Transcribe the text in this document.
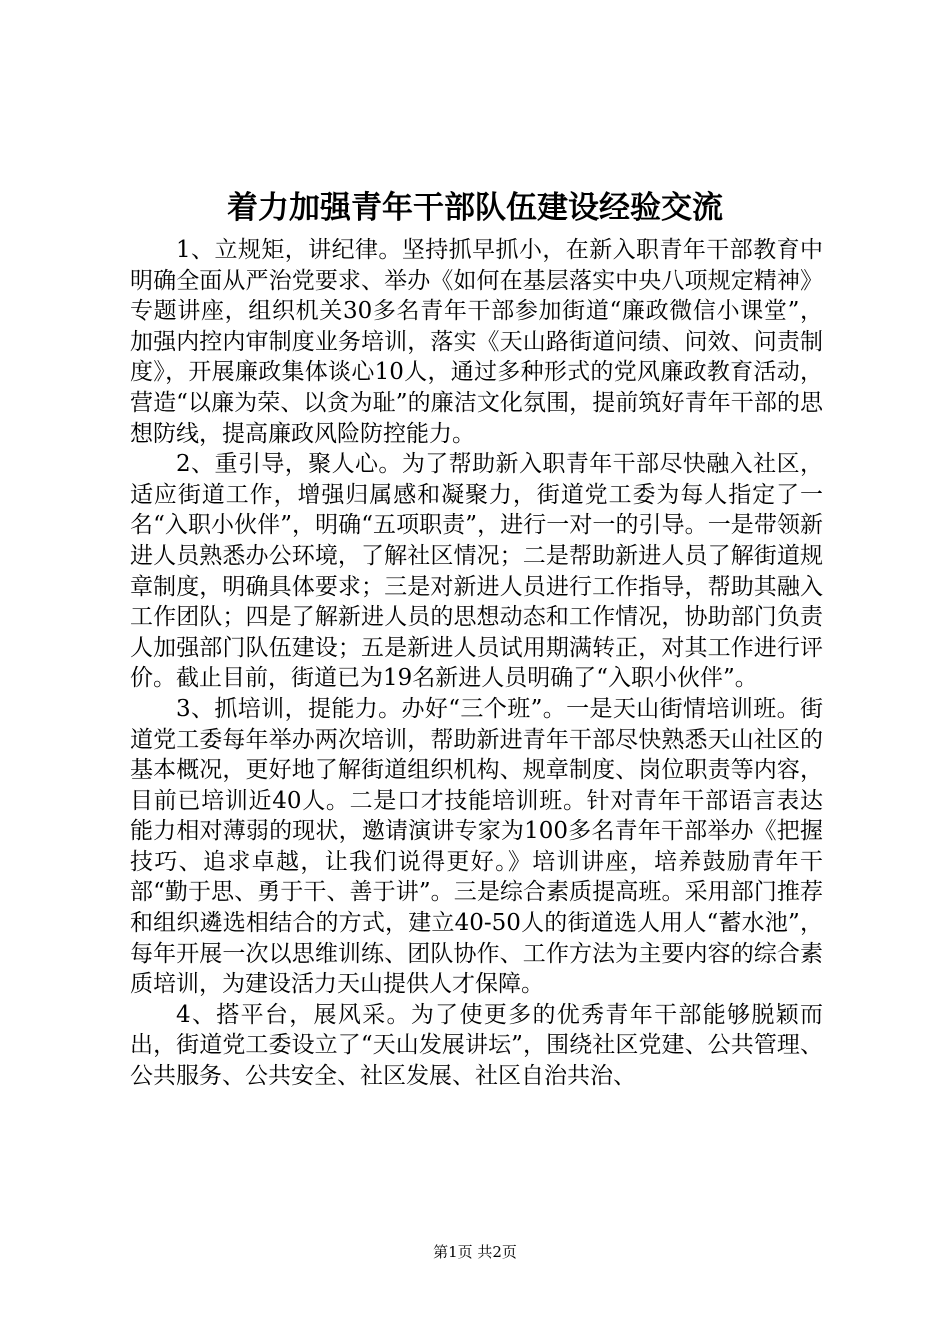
着力加强青年干部队伍建设经验交流

1、立规矩，讲纪律。坚持抓早抓小，在新入职青年干部教育中明确全面从严治党要求、举办《如何在基层落实中央八项规定精神》专题讲座，组织机关30多名青年干部参加街道“廉政微信小课堂”，加强内控内审制度业务培训，落实《天山路街道问绩、问效、问责制度》，开展廉政集体谈心10人，通过多种形式的党风廉政教育活动，营造“以廉为荣、以贪为耻”的廉洁文化氛围，提前筑好青年干部的思想防线，提高廉政风险防控能力。

2、重引导，聚人心。为了帮助新入职青年干部尽快融入社区，适应街道工作，增强归属感和凝聚力，街道党工委为每人指定了一名“入职小伙伴”，明确“五项职责”，进行一对一的引导。一是带领新进人员熟悉办公环境，了解社区情况；二是帮助新进人员了解街道规章制度，明确具体要求；三是对新进人员进行工作指导，帮助其融入工作团队；四是了解新进人员的思想动态和工作情况，协助部门负责人加强部门队伍建设；五是新进人员试用期满转正，对其工作进行评价。截止目前，街道已为19名新进人员明确了“入职小伙伴”。

3、抓培训，提能力。办好“三个班”。一是天山街情培训班。街道党工委每年举办两次培训，帮助新进青年干部尽快熟悉天山社区的基本概况，更好地了解街道组织机构、规章制度、岗位职责等内容，目前已培训近40人。二是口才技能培训班。针对青年干部语言表达能力相对薄弱的现状，邀请演讲专家为100多名青年干部举办《把握技巧、追求卓越，让我们说得更好。》培训讲座，培养鼓励青年干部“勤于思、勇于干、善于讲”。三是综合素质提高班。采用部门推荐和组织遴选相结合的方式，建立40-50人的街道选人用人“蓄水池”，每年开展一次以思维训练、团队协作、工作方法为主要内容的综合素质培训，为建设活力天山提供人才保障。

4、搭平台，展风采。为了使更多的优秀青年干部能够脱颖而出，街道党工委设立了“天山发展讲坛”，围绕社区党建、公共管理、公共服务、公共安全、社区发展、社区自治共治、

第1页 共2页
